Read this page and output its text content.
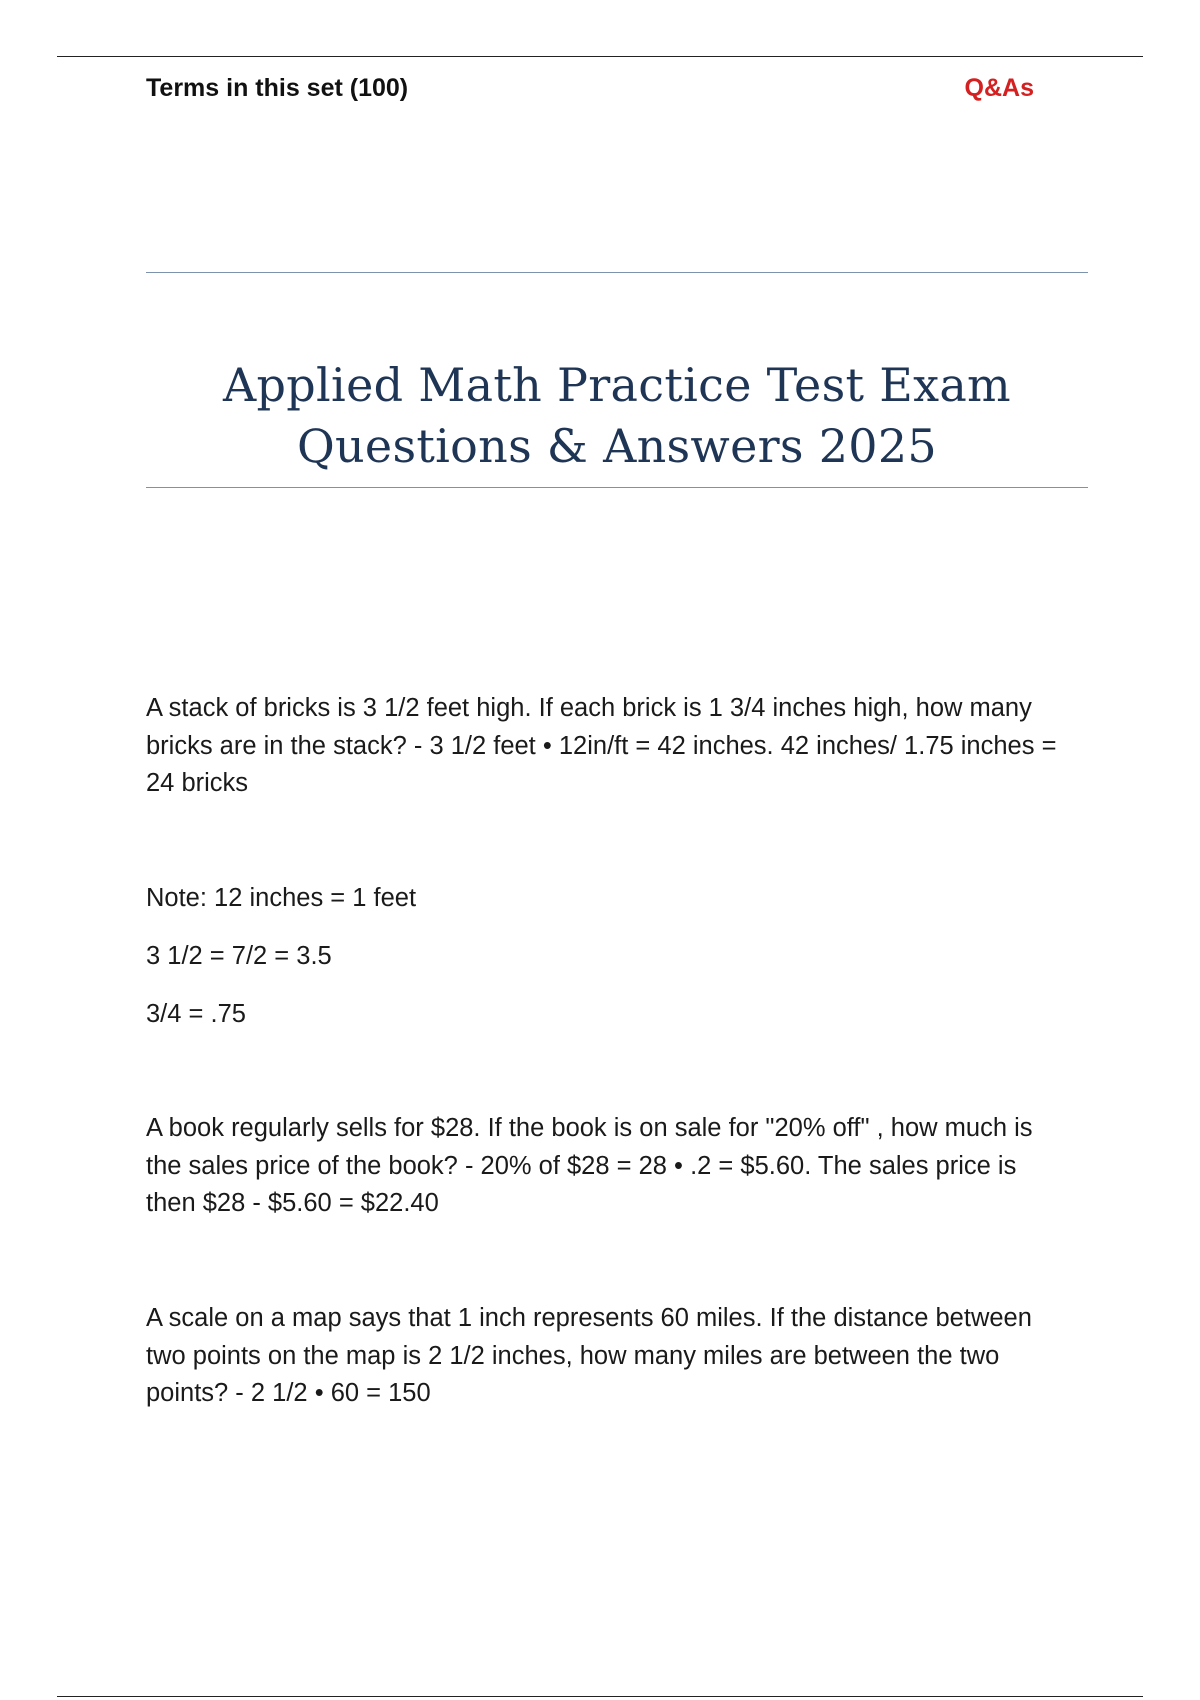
Terms in this set (100)	Q&As
Applied Math Practice Test Exam
Questions & Answers 2025
A stack of bricks is 3 1/2 feet high. If each brick is 1 3/4 inches high, how many bricks are in the stack? - 3 1/2 feet • 12in/ft = 42 inches. 42 inches/ 1.75 inches = 24 bricks
Note: 12 inches = 1 feet
3 1/2 = 7/2 = 3.5
3/4 = .75
A book regularly sells for $28. If the book is on sale for "20% off" , how much is the sales price of the book? - 20% of $28 = 28 • .2 = $5.60. The sales price is then $28 - $5.60 = $22.40
A scale on a map says that 1 inch represents 60 miles. If the distance between two points on the map is 2 1/2 inches, how many miles are between the two points? - 2 1/2 • 60 = 150
